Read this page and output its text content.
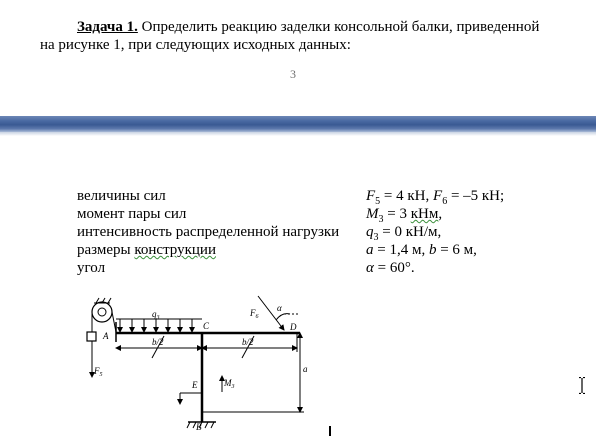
Задача 1. Определить реакцию заделки консольной балки, приведенной
на рисунке 1, при следующих исходных данных:
3
величины сил	$F_5 = 4$ кН, $F_6 = -5$ кН;
момент пары сил	$M_3 = 3$ кНм,
интенсивность распределенной нагрузки $q_3 = 0$ кН/м,
размеры конструкции	a = 1,4 м, b = 6 м,
угол	α = 60°.
A
C	D
E
B
$q_3$
$F_5$
$F_6$
$M_3$
α
b/2	b/2
a
